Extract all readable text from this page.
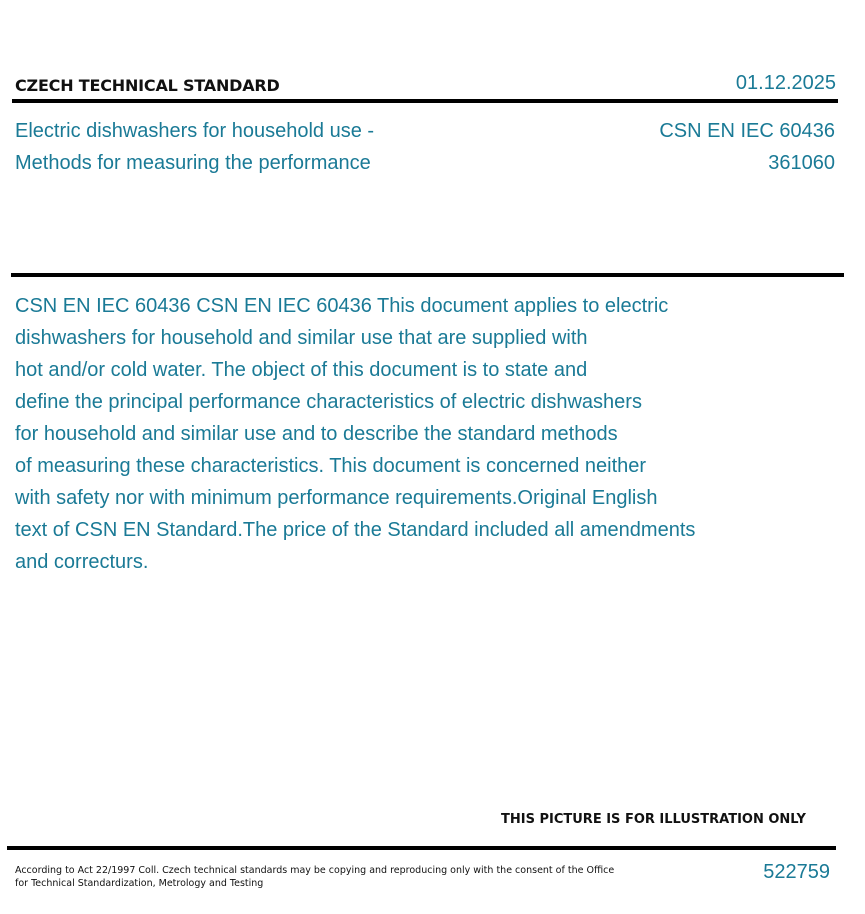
CZECH TECHNICAL STANDARD	01.12.2025
Electric dishwashers for household use -
Methods for measuring the performance
CSN EN IEC 60436
361060
CSN EN IEC 60436 CSN EN IEC 60436 This document applies to electric
dishwashers for household and similar use that are supplied with
hot and/or cold water. The object of this document is to state and
define the principal performance characteristics of electric dishwashers
for household and similar use and to describe the standard methods
of measuring these characteristics. This document is concerned neither
with safety nor with minimum performance requirements.Original English
text of CSN EN Standard.The price of the Standard included all amendments
and correcturs.
THIS PICTURE IS FOR ILLUSTRATION ONLY
According to Act 22/1997 Coll. Czech technical standards may be copying and reproducing only with the consent of the Office
for Technical Standardization, Metrology and Testing
522759
